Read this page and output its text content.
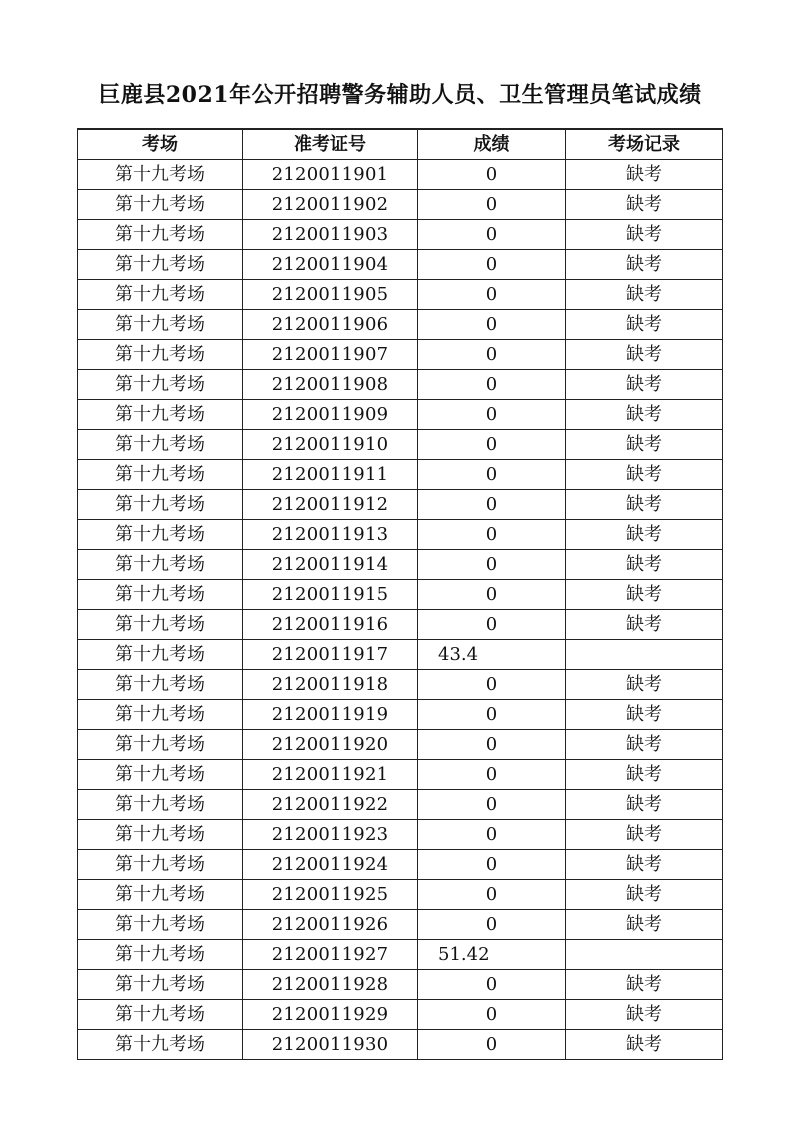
巨鹿县2021年公开招聘警务辅助人员、卫生管理员笔试成绩
考场	准考证号	成绩	考场记录
第十九考场	2120011901	0	缺考
第十九考场	2120011902	0	缺考
第十九考场	2120011903	0	缺考
第十九考场	2120011904	0	缺考
第十九考场	2120011905	0	缺考
第十九考场	2120011906	0	缺考
第十九考场	2120011907	0	缺考
第十九考场	2120011908	0	缺考
第十九考场	2120011909	0	缺考
第十九考场	2120011910	0	缺考
第十九考场	2120011911	0	缺考
第十九考场	2120011912	0	缺考
第十九考场	2120011913	0	缺考
第十九考场	2120011914	0	缺考
第十九考场	2120011915	0	缺考
第十九考场	2120011916	0	缺考
第十九考场	2120011917	43.4	
第十九考场	2120011918	0	缺考
第十九考场	2120011919	0	缺考
第十九考场	2120011920	0	缺考
第十九考场	2120011921	0	缺考
第十九考场	2120011922	0	缺考
第十九考场	2120011923	0	缺考
第十九考场	2120011924	0	缺考
第十九考场	2120011925	0	缺考
第十九考场	2120011926	0	缺考
第十九考场	2120011927	51.42	
第十九考场	2120011928	0	缺考
第十九考场	2120011929	0	缺考
第十九考场	2120011930	0	缺考
